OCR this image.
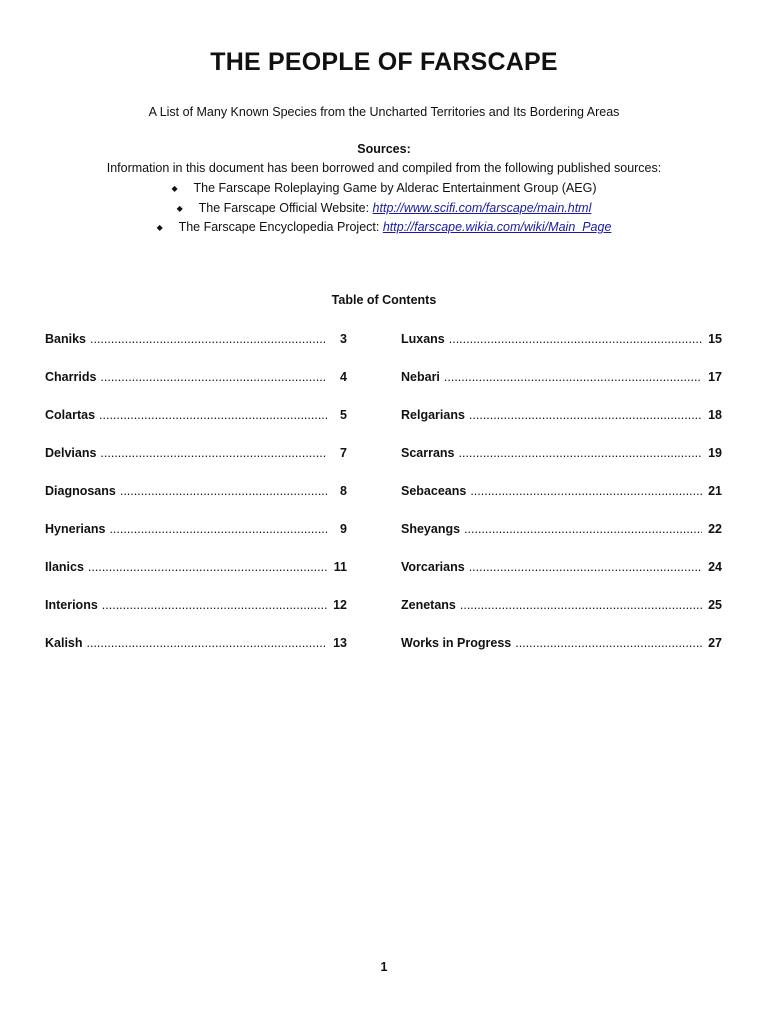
THE PEOPLE OF FARSCAPE

A List of Many Known Species from the Uncharted Territories and Its Bordering Areas

Sources:

Information in this document has been borrowed and compiled from the following published sources:

◆ The Farscape Roleplaying Game by Alderac Entertainment Group (AEG)
◆ The Farscape Official Website: http://www.scifi.com/farscape/main.html
◆ The Farscape Encyclopedia Project: http://farscape.wikia.com/wiki/Main_Page

Table of Contents

Baniks .....	3
Charrids .....	4
Colartas .....	5
Delvians .....	7
Diagnosans .....	8
Hynerians .....	9
Ilanics .....	11
Interions .....	12
Kalish .....	13
Luxans .....	15
Nebari .....	17
Relgarians .....	18
Scarrans .....	19
Sebaceans .....	21
Sheyangs .....	22
Vorcarians .....	24
Zenetans .....	25
Works in Progress .....	27

1
